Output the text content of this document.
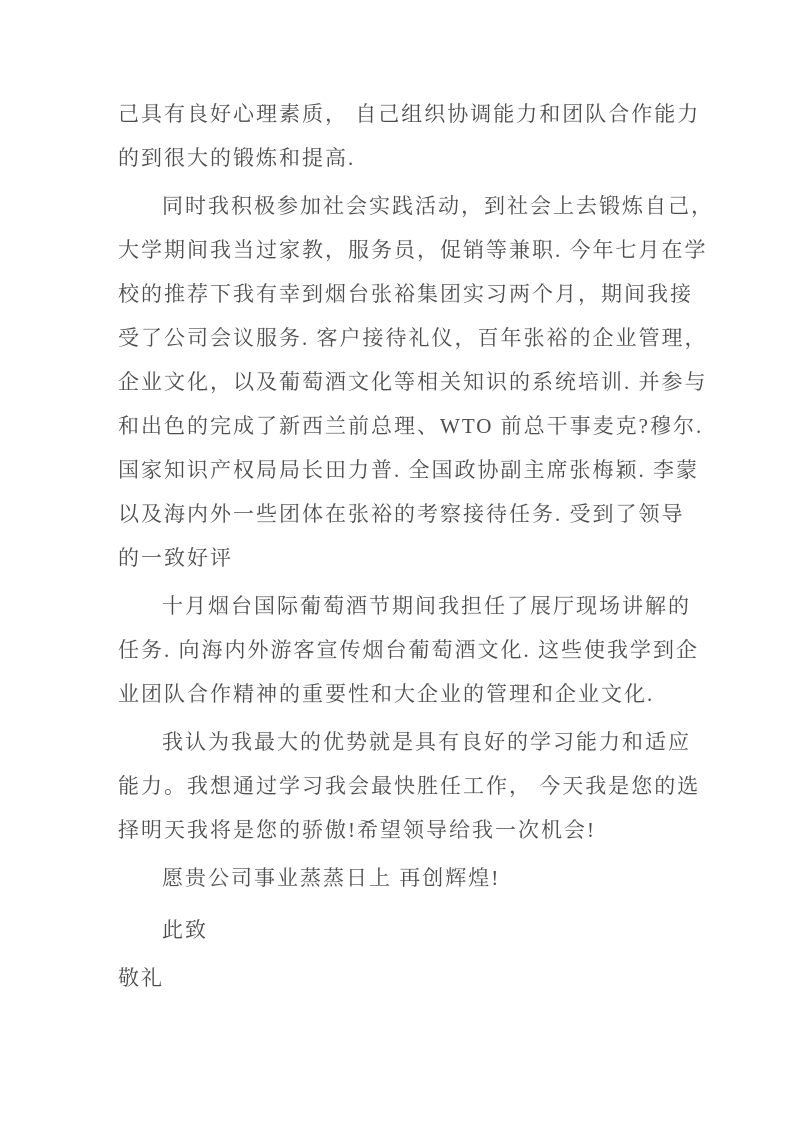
己具有良好心理素质， 自己组织协调能力和团队合作能力
的到很大的锻炼和提高.
同时我积极参加社会实践活动，到社会上去锻炼自己，
大学期间我当过家教，服务员，促销等兼职. 今年七月在学
校的推荐下我有幸到烟台张裕集团实习两个月，期间我接
受了公司会议服务. 客户接待礼仪，百年张裕的企业管理，
企业文化，以及葡萄酒文化等相关知识的系统培训. 并参与
和出色的完成了新西兰前总理、WTO 前总干事麦克?穆尔.
国家知识产权局局长田力普. 全国政协副主席张梅颖. 李蒙
以及海内外一些团体在张裕的考察接待任务. 受到了领导
的一致好评
十月烟台国际葡萄酒节期间我担任了展厅现场讲解的
任务. 向海内外游客宣传烟台葡萄酒文化. 这些使我学到企
业团队合作精神的重要性和大企业的管理和企业文化.
我认为我最大的优势就是具有良好的学习能力和适应
能力。我想通过学习我会最快胜任工作， 今天我是您的选
择明天我将是您的骄傲!希望领导给我一次机会!
愿贵公司事业蒸蒸日上 再创辉煌!
此致
敬礼
